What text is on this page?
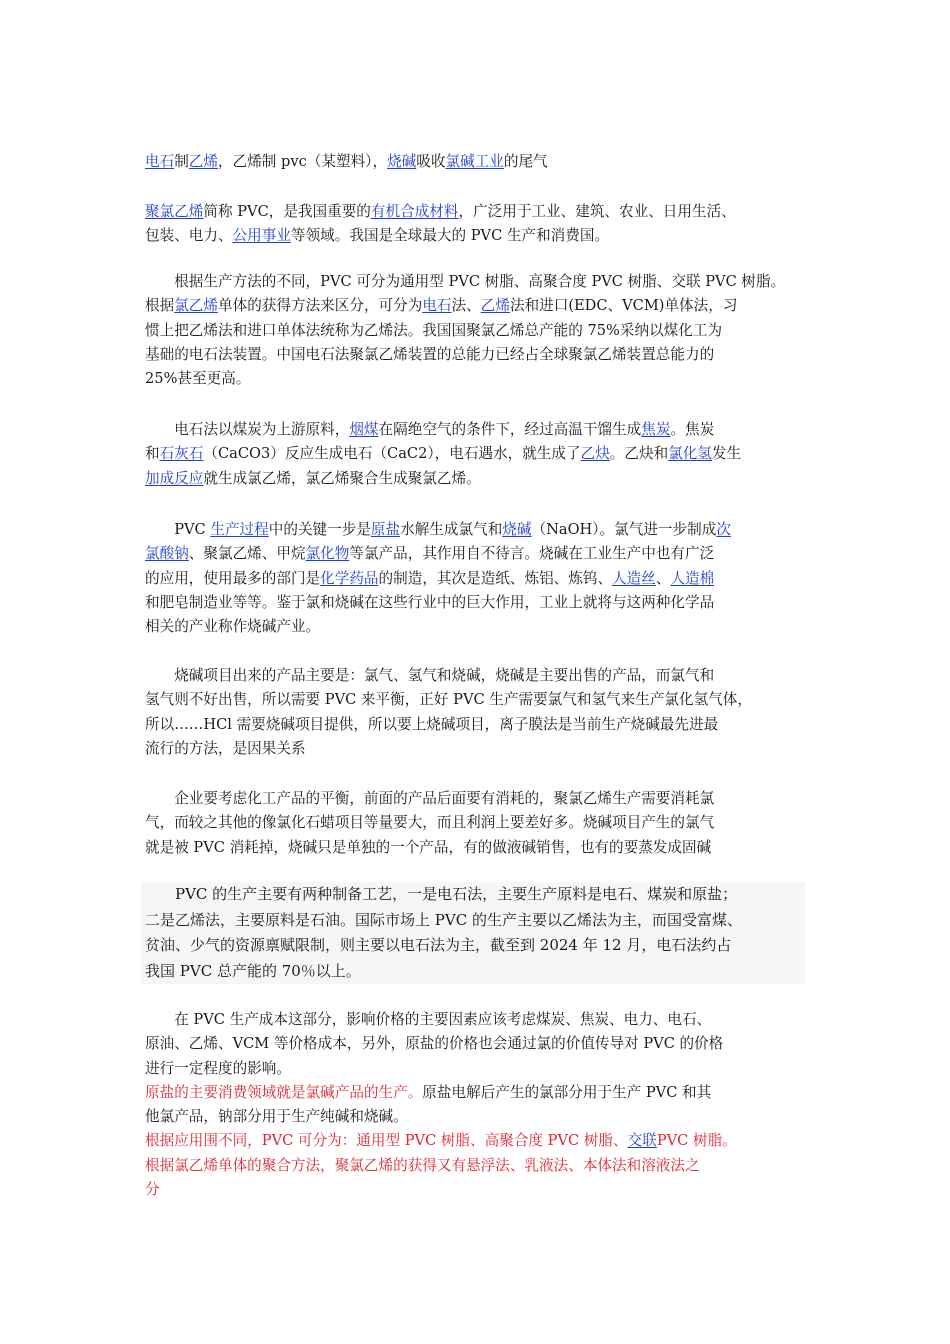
电石制乙烯，乙烯制 pvc（某塑料），烧碱吸收氯碱工业的尾气
聚氯乙烯简称 PVC，是我国重要的有机合成材料，广泛用于工业、建筑、农业、日用生活、
包装、电力、公用事业等领域。我国是全球最大的 PVC 生产和消费国。
　　根据生产方法的不同，PVC 可分为通用型 PVC 树脂、高聚合度 PVC 树脂、交联 PVC 树脂。
根据氯乙烯单体的获得方法来区分，可分为电石法、乙烯法和进口(EDC、VCM)单体法，习
惯上把乙烯法和进口单体法统称为乙烯法。我国国聚氯乙烯总产能的 75%采纳以煤化工为
基础的电石法装置。中国电石法聚氯乙烯装置的总能力已经占全球聚氯乙烯装置总能力的
25%甚至更高。
　　电石法以煤炭为上游原料，烟煤在隔绝空气的条件下，经过高温干馏生成焦炭。焦炭
和石灰石（CaCO3）反应生成电石（CaC2），电石遇水，就生成了乙炔。乙炔和氯化氢发生
加成反应就生成氯乙烯，氯乙烯聚合生成聚氯乙烯。
　　PVC 生产过程中的关键一步是原盐水解生成氯气和烧碱（NaOH）。氯气进一步制成次
氯酸钠、聚氯乙烯、甲烷氯化物等氯产品，其作用自不待言。烧碱在工业生产中也有广泛
的应用，使用最多的部门是化学药品的制造，其次是造纸、炼铝、炼钨、人造丝、人造棉
和肥皂制造业等等。鉴于氯和烧碱在这些行业中的巨大作用，工业上就将与这两种化学品
相关的产业称作烧碱产业。
　　烧碱项目出来的产品主要是：氯气、氢气和烧碱，烧碱是主要出售的产品，而氯气和
氢气则不好出售，所以需要 PVC 来平衡，正好 PVC 生产需要氯气和氢气来生产氯化氢气体，
所以……HCl 需要烧碱项目提供，所以要上烧碱项目，离子膜法是当前生产烧碱最先进最
流行的方法，是因果关系
　　企业要考虑化工产品的平衡，前面的产品后面要有消耗的，聚氯乙烯生产需要消耗氯
气，而较之其他的像氯化石蜡项目等量要大，而且利润上要差好多。烧碱项目产生的氯气
就是被 PVC 消耗掉，烧碱只是单独的一个产品，有的做液碱销售，也有的要蒸发成固碱
　　PVC 的生产主要有两种制备工艺，一是电石法，主要生产原料是电石、煤炭和原盐；
二是乙烯法，主要原料是石油。国际市场上 PVC 的生产主要以乙烯法为主，而国受富煤、
贫油、少气的资源禀赋限制，则主要以电石法为主，截至到 2024 年 12 月，电石法约占
我国 PVC 总产能的 70％以上。
　　在 PVC 生产成本这部分，影响价格的主要因素应该考虑煤炭、焦炭、电力、电石、
原油、乙烯、VCM 等价格成本，另外，原盐的价格也会通过氯的价值传导对 PVC 的价格
进行一定程度的影响。
原盐的主要消费领域就是氯碱产品的生产。原盐电解后产生的氯部分用于生产 PVC 和其
他氯产品，钠部分用于生产纯碱和烧碱。
根据应用围不同，PVC 可分为：通用型 PVC 树脂、高聚合度 PVC 树脂、交联PVC 树脂。
根据氯乙烯单体的聚合方法，聚氯乙烯的获得又有悬浮法、乳液法、本体法和溶液法之
分
